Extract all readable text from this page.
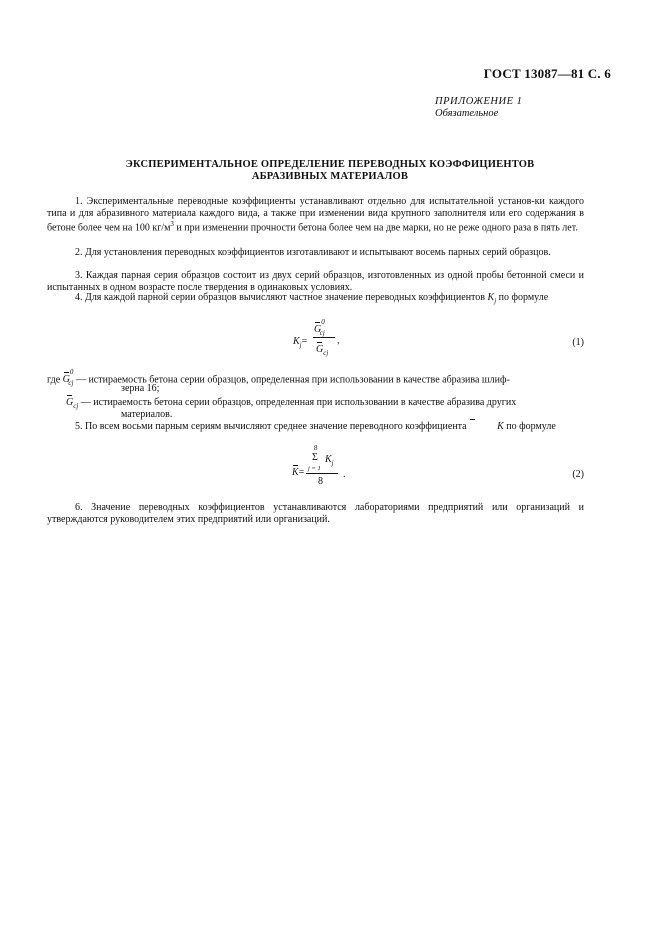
ГОСТ 13087—81 С. 6
ПРИЛОЖЕНИЕ 1
Обязательное
ЭКСПЕРИМЕНТАЛЬНОЕ ОПРЕДЕЛЕНИЕ ПЕРЕВОДНЫХ КОЭФФИЦИЕНТОВ
АБРАЗИВНЫХ МАТЕРИАЛОВ
1. Экспериментальные переводные коэффициенты устанавливают отдельно для испытательной установ-ки каждого типа и для абразивного материала каждого вида, а также при изменении вида крупного заполнителя или его содержания в бетоне более чем на 100 $кг/м^3$ и при изменении прочности бетона более чем на две марки, но не реже одного раза в пять лет.
2. Для установления переводных коэффициентов изготавливают и испытывают восемь парных серий образцов.
3. Каждая парная серия образцов состоит из двух серий образцов, изготовленных из одной пробы бетонной смеси и испытанных в одном возрасте после твердения в одинаковых условиях.
4. Для каждой парной серии образцов вычисляют частное значение переводных коэффициентов $K_j$ по формуле
$K_j=$
$G^0_{cj}$
$G_{cj}$
,	(1)
где $G^0_{cj}$ — истираемость бетона серии образцов, определенная при использовании в качестве абразива шлиф-
зерна 16;
$G_{cj}$ — истираемость бетона серии образцов, определенная при использовании в качестве абразива других
материалов.
5. По всем восьми парным сериям вычисляют среднее значение переводного коэффициента	K по формуле
K=
8
Σ $K_j$
j = 1
8
.	(2)
6. Значение переводных коэффициентов устанавливаются лабораториями предприятий или организаций и утверждаются руководителем этих предприятий или организаций.
